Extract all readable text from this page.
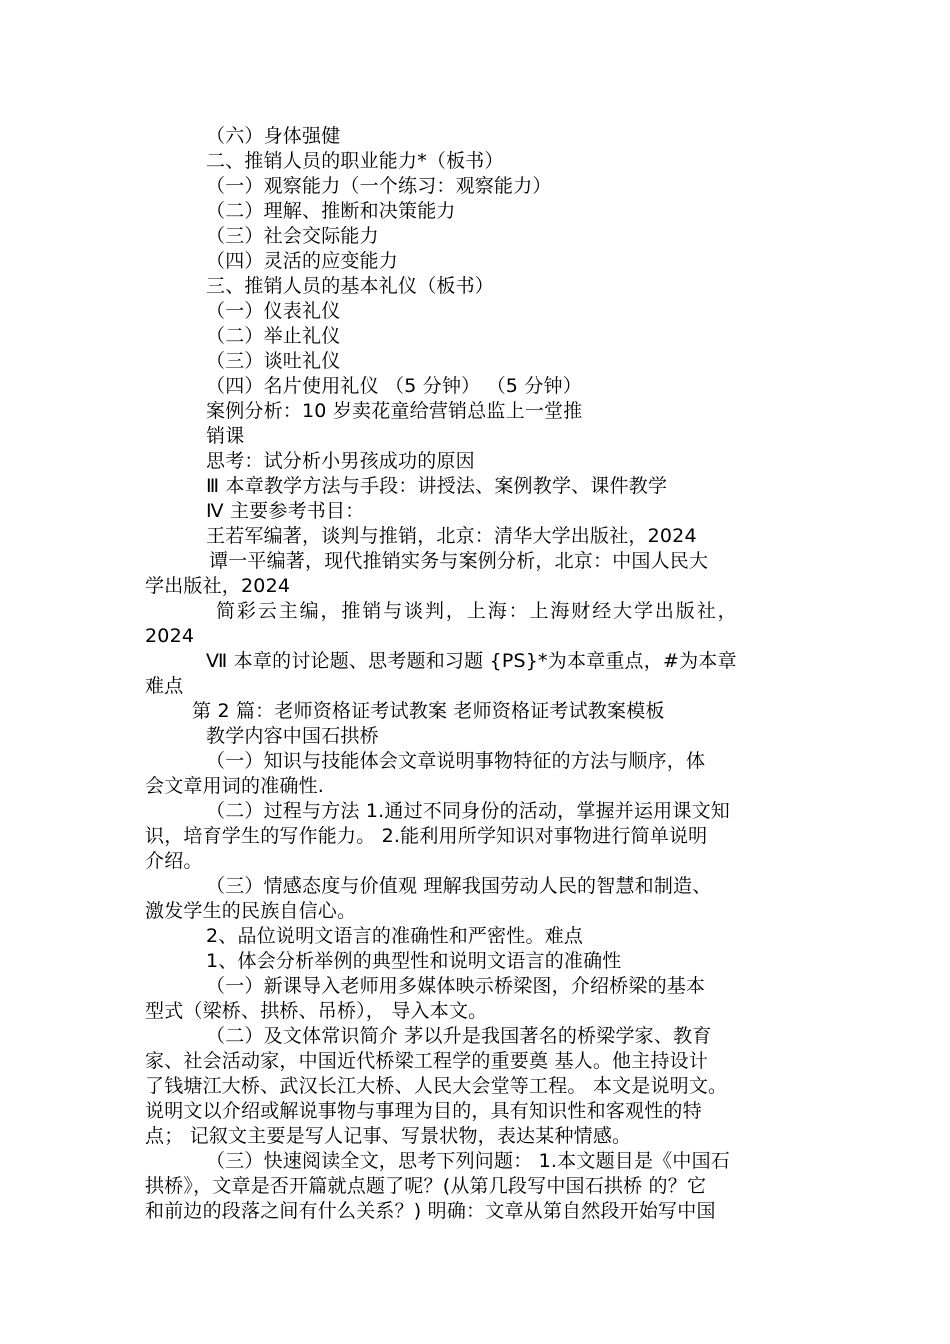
（六）身体强健

二、推销人员的职业能力*（板书）

（一）观察能力（一个练习：观察能力）

（二）理解、推断和决策能力

（三）社会交际能力

（四）灵活的应变能力

三、推销人员的基本礼仪（板书）

（一）仪表礼仪

（二）举止礼仪

（三）谈吐礼仪

（四）名片使用礼仪 （5 分钟） （5 分钟）

案例分析：10 岁卖花童给营销总监上一堂推

销课

思考：试分析小男孩成功的原因

Ⅲ 本章教学方法与手段：讲授法、案例教学、课件教学

Ⅳ 主要参考书目：

王若军编著，谈判与推销，北京：清华大学出版社，2024

谭一平编著，现代推销实务与案例分析，北京：中国人民大

学出版社，2024

简彩云主编，推销与谈判，上海：上海财经大学出版社，

2024

Ⅶ 本章的讨论题、思考题和习题 {PS}*为本章重点，#为本章

难点

第 2 篇：老师资格证考试教案 老师资格证考试教案模板

教学内容中国石拱桥

（一）知识与技能体会文章说明事物特征的方法与顺序，体

会文章用词的准确性.

（二）过程与方法 1.通过不同身份的活动，掌握并运用课文知

识，培育学生的写作能力。 2.能利用所学知识对事物进行简单说明

介绍。

（三）情感态度与价值观 理解我国劳动人民的智慧和制造、

激发学生的民族自信心。

2、品位说明文语言的准确性和严密性。难点

1、体会分析举例的典型性和说明文语言的准确性

（一）新课导入老师用多媒体映示桥梁图，介绍桥梁的基本

型式（梁桥、拱桥、吊桥）， 导入本文。

（二）及文体常识简介 茅以升是我国著名的桥梁学家、教育

家、社会活动家，中国近代桥梁工程学的重要奠 基人。他主持设计

了钱塘江大桥、武汉长江大桥、人民大会堂等工程。 本文是说明文。

说明文以介绍或解说事物与事理为目的，具有知识性和客观性的特

点； 记叙文主要是写人记事、写景状物，表达某种情感。

（三）快速阅读全文，思考下列问题： 1.本文题目是《中国石

拱桥》，文章是否开篇就点题了呢？(从第几段写中国石拱桥 的？它

和前边的段落之间有什么关系？) 明确：文章从第自然段开始写中国
